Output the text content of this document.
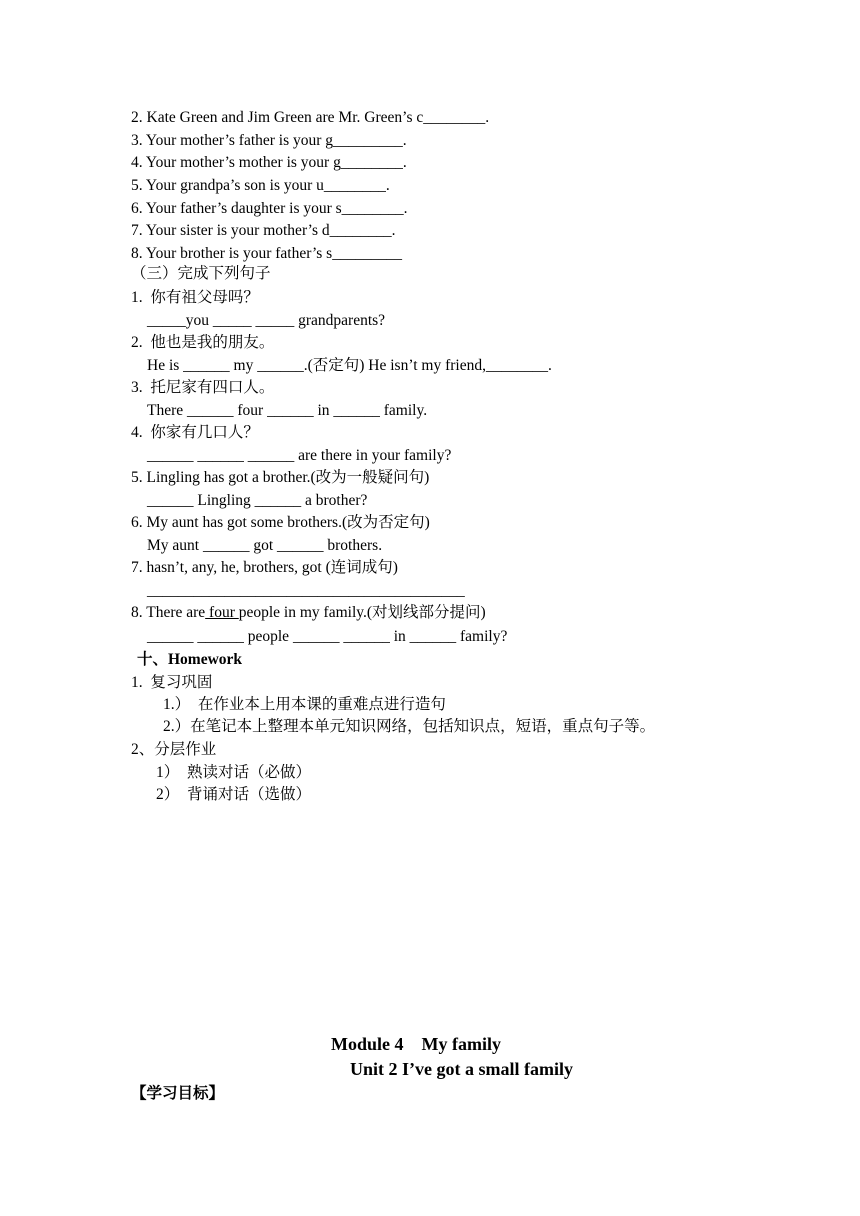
2. Kate Green and Jim Green are Mr. Green’s c________.
3. Your mother’s father is your g_________.
4. Your mother’s mother is your g________.
5. Your grandpa’s son is your u________.
6. Your father’s daughter is your s________.
7. Your sister is your mother’s d________.
8. Your brother is your father’s s_________
（三）完成下列句子
1.  你有祖父母吗？
_____you _____ _____ grandparents?
2.  他也是我的朋友。
He is ______ my ______.(否定句) He isn’t my friend,________.
3.  托尼家有四口人。
There ______ four ______ in ______ family.
4.  你家有几口人？
______ ______ ______ are there in your family?
5. Lingling has got a brother.(改为一般疑问句)
______ Lingling ______ a brother?
6. My aunt has got some brothers.(改为否定句)
My aunt ______ got ______ brothers.
7. hasn’t, any, he, brothers, got (连词成句)
_________________________________________
8. There are four people in my family.(对划线部分提问)
______ ______ people ______ ______ in ______ family?
十、Homework
1.  复习巩固
1.）  在作业本上用本课的重难点进行造句
2.）在笔记本上整理本单元知识网络，包括知识点，短语，重点句子等。
2、分层作业
1）  熟读对话（必做）
2）  背诵对话（选做）
Module 4    My family
Unit 2 I’ve got a small family
【学习目标】
